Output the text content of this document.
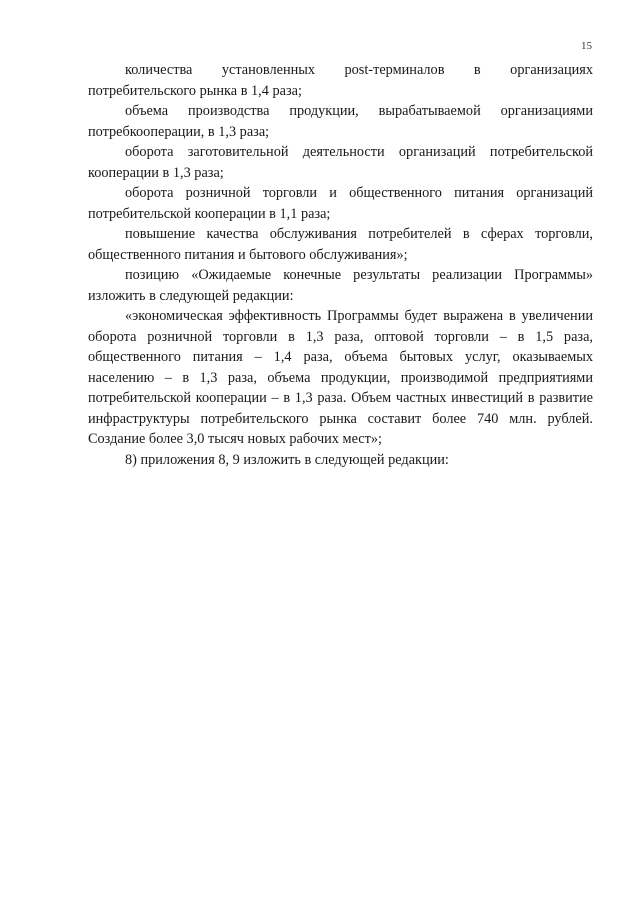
15

количества установленных post-терминалов в организациях потребительского рынка в 1,4 раза;

объема производства продукции, вырабатываемой организациями потребкооперации, в 1,3 раза;

оборота заготовительной деятельности организаций потребительской кооперации в 1,3 раза;

оборота розничной торговли и общественного питания организаций потребительской кооперации в 1,1 раза;

повышение качества обслуживания потребителей в сферах торговли, общественного питания и бытового обслуживания»;

позицию «Ожидаемые конечные результаты реализации Программы» изложить в следующей редакции:

«экономическая эффективность Программы будет выражена в увеличении оборота розничной торговли в 1,3 раза, оптовой торговли – в 1,5 раза, общественного питания – 1,4 раза, объема бытовых услуг, оказываемых населению – в 1,3 раза, объема продукции, производимой предприятиями потребительской кооперации – в 1,3 раза. Объем частных инвестиций в развитие инфраструктуры потребительского рынка составит более 740 млн. рублей. Создание более 3,0 тысяч новых рабочих мест»;

8) приложения 8, 9 изложить в следующей редакции:
